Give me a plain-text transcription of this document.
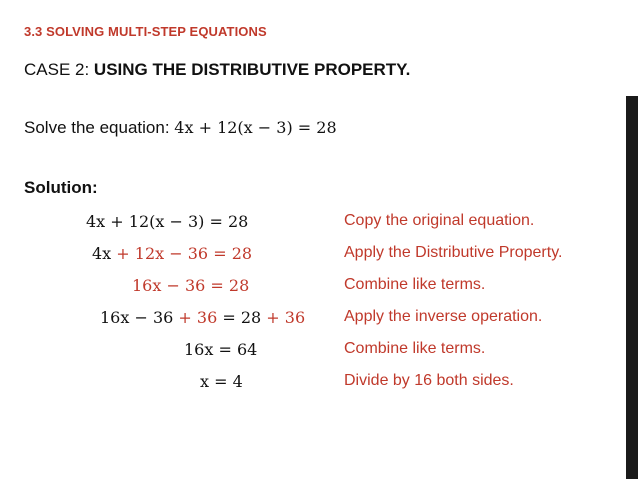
3.3 SOLVING MULTI-STEP EQUATIONS
CASE 2: USING THE DISTRIBUTIVE PROPERTY.
Solve the equation: 4x + 12(x − 3) = 28
Solution:
4x + 12(x − 3) = 28	Copy the original equation.
4x + 12x − 36 = 28	Apply the Distributive Property.
16x − 36 = 28	Combine like terms.
16x − 36 + 36 = 28 + 36 Apply the inverse operation.
16x = 64	Combine like terms.
x = 4	Divide by 16 both sides.
